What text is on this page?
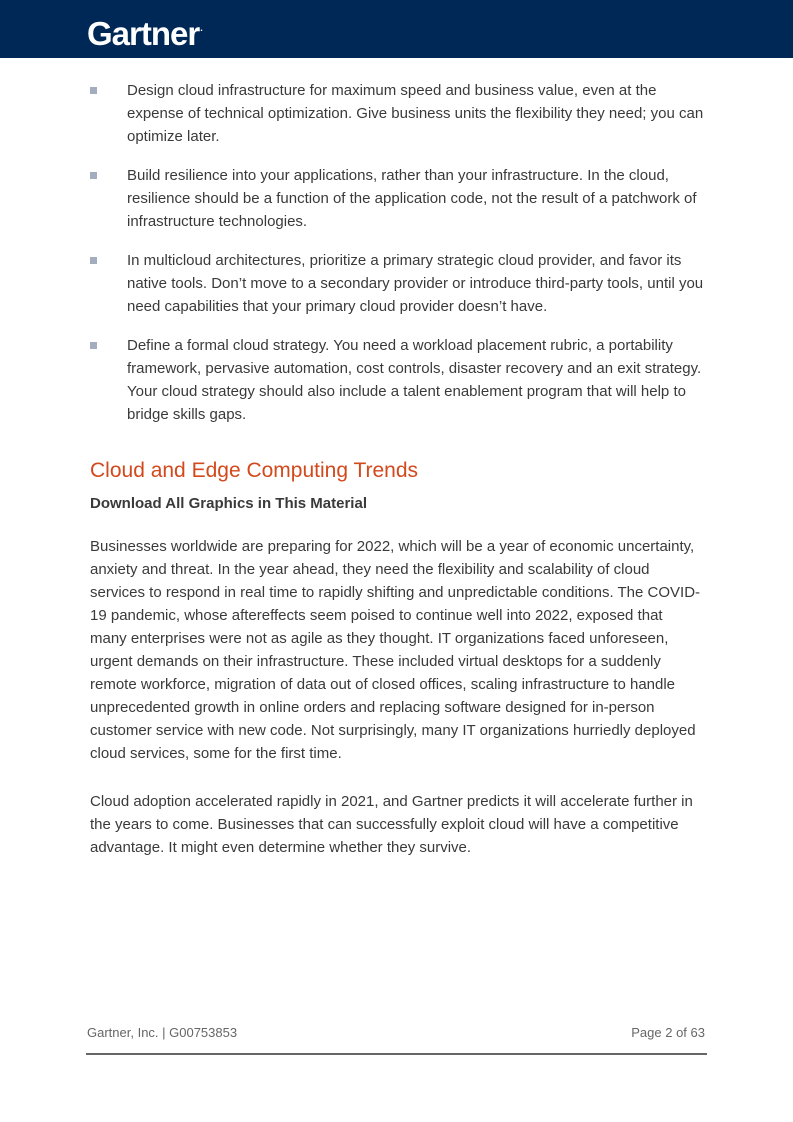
Gartner.
Design cloud infrastructure for maximum speed and business value, even at the expense of technical optimization. Give business units the flexibility they need; you can optimize later.
Build resilience into your applications, rather than your infrastructure. In the cloud, resilience should be a function of the application code, not the result of a patchwork of infrastructure technologies.
In multicloud architectures, prioritize a primary strategic cloud provider, and favor its native tools. Don’t move to a secondary provider or introduce third-party tools, until you need capabilities that your primary cloud provider doesn’t have.
Define a formal cloud strategy. You need a workload placement rubric, a portability framework, pervasive automation, cost controls, disaster recovery and an exit strategy. Your cloud strategy should also include a talent enablement program that will help to bridge skills gaps.
Cloud and Edge Computing Trends
Download All Graphics in This Material

Businesses worldwide are preparing for 2022, which will be a year of economic uncertainty, anxiety and threat. In the year ahead, they need the flexibility and scalability of cloud services to respond in real time to rapidly shifting and unpredictable conditions. The COVID-19 pandemic, whose aftereffects seem poised to continue well into 2022, exposed that many enterprises were not as agile as they thought. IT organizations faced unforeseen, urgent demands on their infrastructure. These included virtual desktops for a suddenly remote workforce, migration of data out of closed offices, scaling infrastructure to handle unprecedented growth in online orders and replacing software designed for in-person customer service with new code. Not surprisingly, many IT organizations hurriedly deployed cloud services, some for the first time.

Cloud adoption accelerated rapidly in 2021, and Gartner predicts it will accelerate further in the years to come. Businesses that can successfully exploit cloud will have a competitive advantage. It might even determine whether they survive.

Gartner, Inc. | G00753853	Page 2 of 63
